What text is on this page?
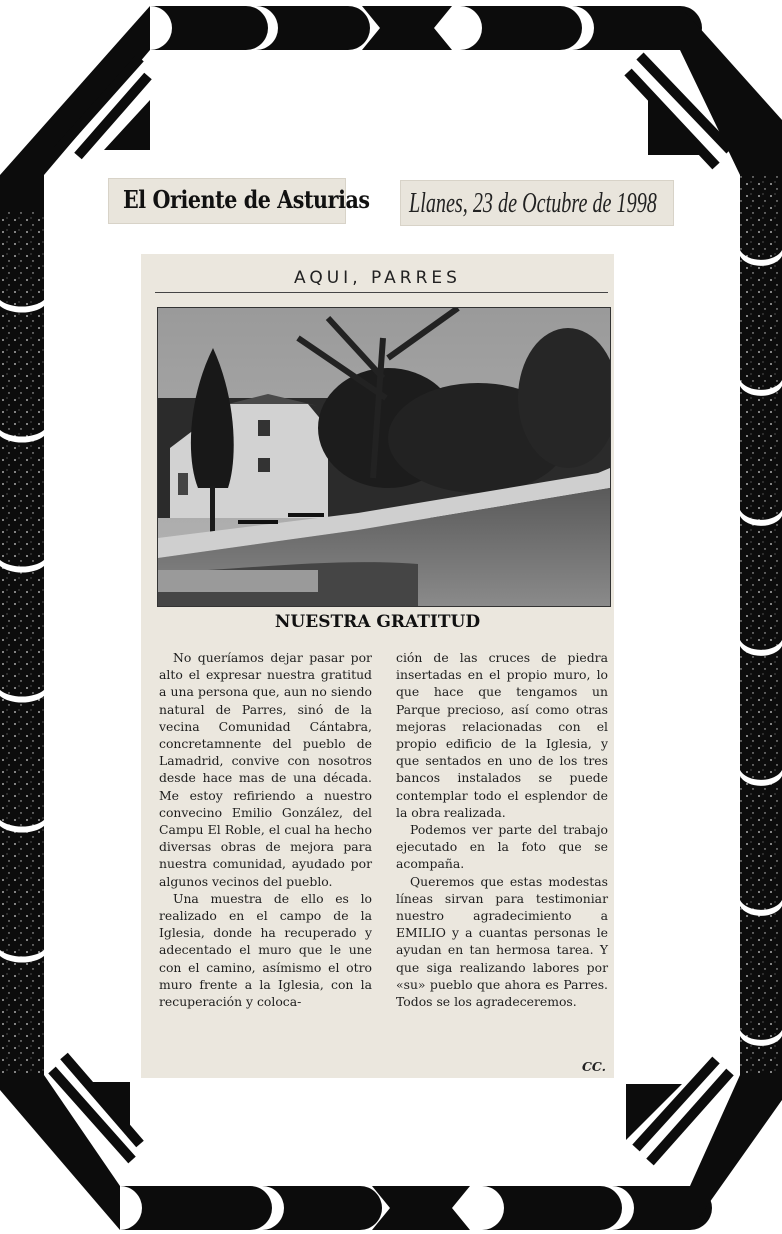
El Oriente de Asturias Llanes, 23 de Octubre de 1998
AQUI, PARRES
NUESTRA GRATITUD

No queríamos dejar pasar por alto el expresar nuestra gratitud a una persona que, aun no siendo natural de Parres, sinó de la vecina Comunidad Cántabra, concretamnente del pueblo de Lamadrid, convive con nosotros desde hace mas de una década. Me estoy refiriendo a nuestro convecino Emilio González, del Campu El Roble, el cual ha hecho diversas obras de mejora para nuestra comunidad, ayudado por algunos vecinos del pueblo.

Una muestra de ello es lo realizado en el campo de la Iglesia, donde ha recuperado y adecentado el muro que le une con el camino, asímismo el otro muro frente a la Iglesia, con la recuperación y coloca-

ción de las cruces de piedra insertadas en el propio muro, lo que hace que tengamos un Parque precioso, así como otras mejoras relacionadas con el propio edificio de la Iglesia, y que sentados en uno de los tres bancos instalados se puede contemplar todo el esplendor de la obra realizada.

Podemos ver parte del trabajo ejecutado en la foto que se acompaña.

Queremos que estas modestas líneas sirvan para testimoniar nuestro agradecimiento a EMILIO y a cuantas personas le ayudan en tan hermosa tarea. Y que siga realizando labores por «su» pueblo que ahora es Parres. Todos se los agradeceremos.

CC.
